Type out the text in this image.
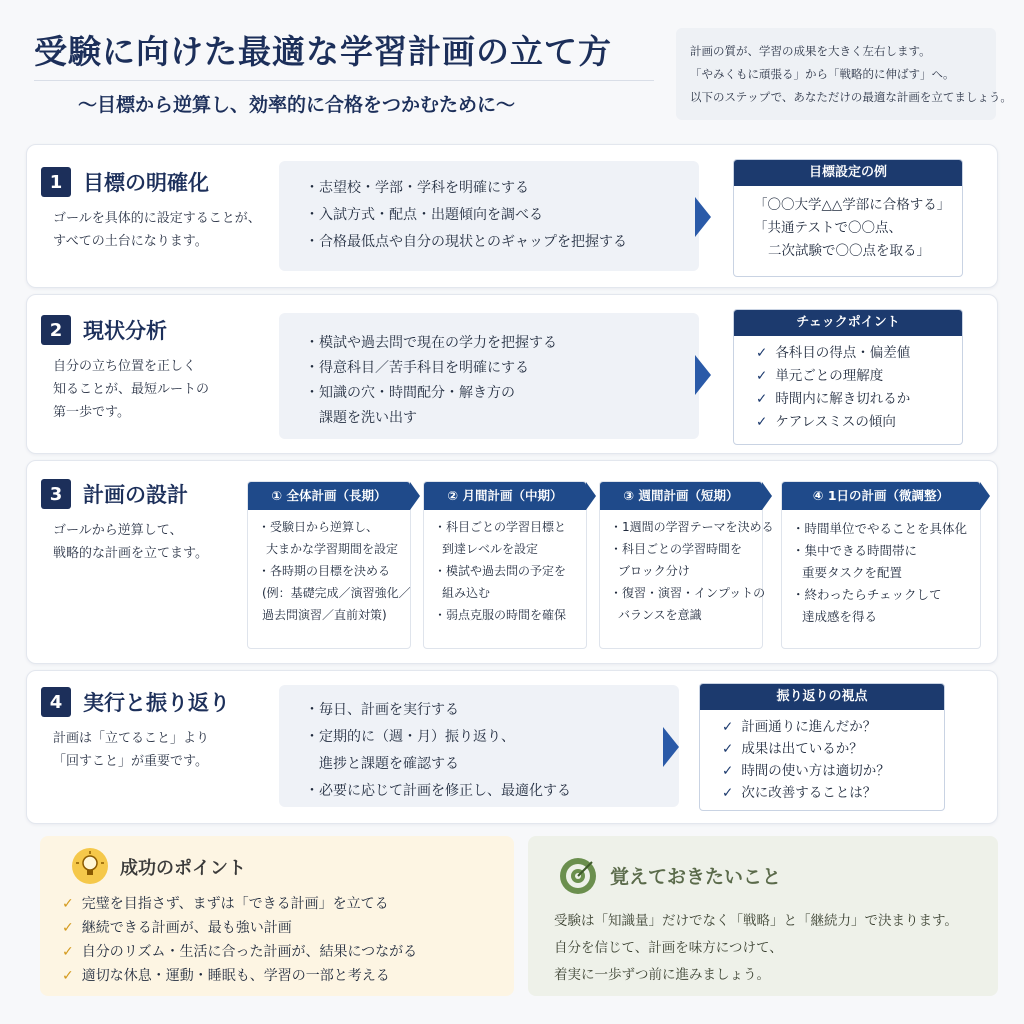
受験に向けた最適な学習計画の立て方
〜目標から逆算し、効率的に合格をつかむために〜
計画の質が、学習の成果を大きく左右します。
「やみくもに頑張る」から「戦略的に伸ばす」へ。
以下のステップで、あなただけの最適な計画を立てましょう。
1 目標の明確化
ゴールを具体的に設定することが、
すべての土台になります。
・志望校・学部・学科を明確にする
・入試方式・配点・出題傾向を調べる
・合格最低点や自分の現状とのギャップを把握する
目標設定の例
「〇〇大学△△学部に合格する」
「共通テストで〇〇点、
二次試験で〇〇点を取る」
2 現状分析
自分の立ち位置を正しく
知ることが、最短ルートの
第一歩です。
・模試や過去問で現在の学力を把握する
・得意科目／苦手科目を明確にする
・知識の穴・時間配分・解き方の
課題を洗い出す
チェックポイント
✓ 各科目の得点・偏差値
✓ 単元ごとの理解度
✓ 時間内に解き切れるか
✓ ケアレスミスの傾向
3 計画の設計
ゴールから逆算して、
戦略的な計画を立てます。
① 全体計画（長期）
・受験日から逆算し、
大まかな学習期間を設定
・各時期の目標を決める
(例：基礎完成／演習強化／
過去問演習／直前対策)
② 月間計画（中期）
・科目ごとの学習目標と
到達レベルを設定
・模試や過去問の予定を
組み込む
・弱点克服の時間を確保
③ 週間計画（短期）
・1週間の学習テーマを決める
・科目ごとの学習時間を
ブロック分け
・復習・演習・インプットの
バランスを意識
④ 1日の計画（微調整）
・時間単位でやることを具体化
・集中できる時間帯に
重要タスクを配置
・終わったらチェックして
達成感を得る
4 実行と振り返り
計画は「立てること」より
「回すこと」が重要です。
・毎日、計画を実行する
・定期的に（週・月）振り返り、
進捗と課題を確認する
・必要に応じて計画を修正し、最適化する
振り返りの視点
✓ 計画通りに進んだか？
✓ 成果は出ているか？
✓ 時間の使い方は適切か？
✓ 次に改善することは？
成功のポイント
✓ 完璧を目指さず、まずは「できる計画」を立てる
✓ 継続できる計画が、最も強い計画
✓ 自分のリズム・生活に合った計画が、結果につながる
✓ 適切な休息・運動・睡眠も、学習の一部と考える
覚えておきたいこと
受験は「知識量」だけでなく「戦略」と「継続力」で決まります。
自分を信じて、計画を味方につけて、
着実に一歩ずつ前に進みましょう。
